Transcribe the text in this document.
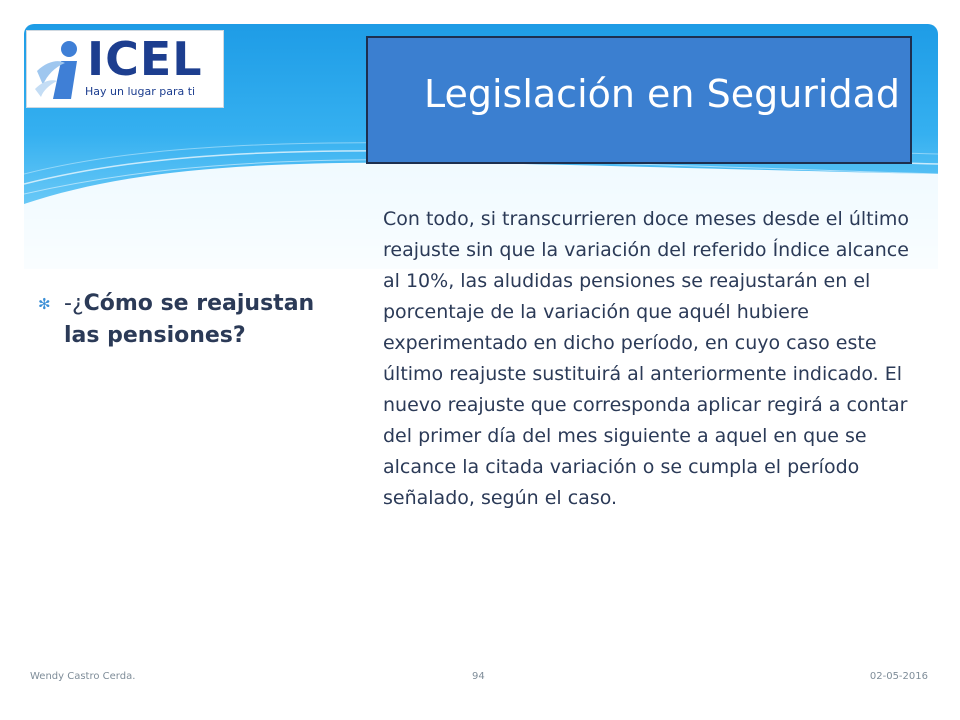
ICEL
Hay un lugar para ti	Legislación en Seguridad
✻ -¿Cómo se reajustan las pensiones?
Con todo, si transcurrieren doce meses desde el último reajuste sin que la variación del referido Índice alcance al 10%, las aludidas pensiones se reajustarán en el porcentaje de la variación que aquél hubiere experimentado en dicho período, en cuyo caso este último reajuste sustituirá al anteriormente indicado. El nuevo reajuste que corresponda aplicar regirá a contar del primer día del mes siguiente a aquel en que se alcance la citada variación o se cumpla el período señalado, según el caso.
Wendy Castro Cerda.	94	02-05-2016
